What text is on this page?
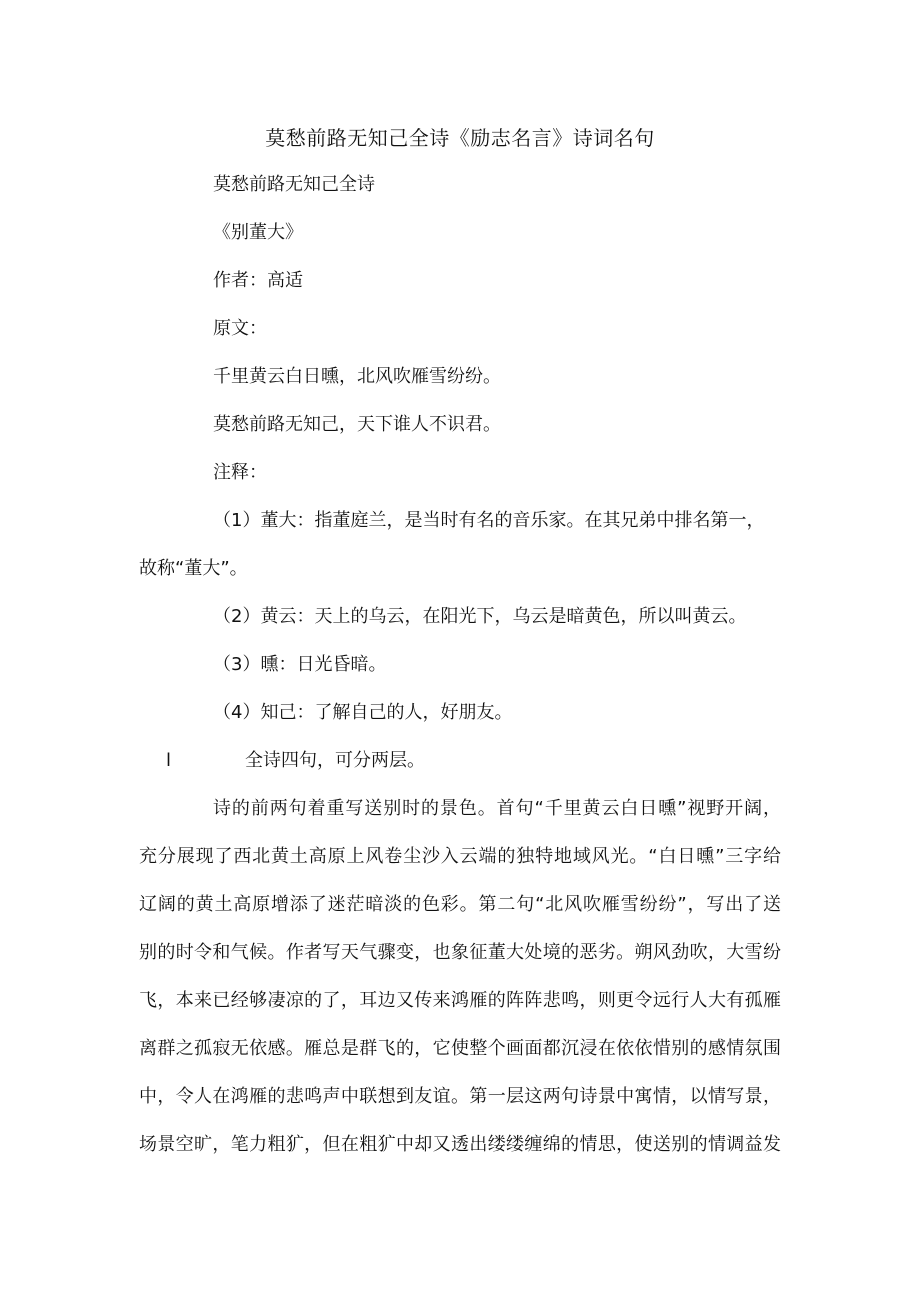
莫愁前路无知己全诗《励志名言》诗词名句
莫愁前路无知己全诗
《别董大》
作者：高适
原文：
千里黄云白日曛，北风吹雁雪纷纷。
莫愁前路无知己，天下谁人不识君。
注释：
（1）董大：指董庭兰，是当时有名的音乐家。在其兄弟中排名第一，
故称“董大”。
（2）黄云：天上的乌云，在阳光下，乌云是暗黄色，所以叫黄云。
（3）曛：日光昏暗。
（4）知己：了解自己的人，好朋友。
l	全诗四句，可分两层。
诗的前两句着重写送别时的景色。首句“千里黄云白日曛”视野开阔，
充分展现了西北黄土高原上风卷尘沙入云端的独特地域风光。“白日曛”三字给
辽阔的黄土高原增添了迷茫暗淡的色彩。第二句“北风吹雁雪纷纷”，写出了送
别的时令和气候。作者写天气骤变，也象征董大处境的恶劣。朔风劲吹，大雪纷
飞，本来已经够凄凉的了，耳边又传来鸿雁的阵阵悲鸣，则更令远行人大有孤雁
离群之孤寂无依感。雁总是群飞的，它使整个画面都沉浸在依依惜别的感情氛围
中，令人在鸿雁的悲鸣声中联想到友谊。第一层这两句诗景中寓情，以情写景，
场景空旷，笔力粗犷，但在粗犷中却又透出缕缕缠绵的情思，使送别的情调益发
